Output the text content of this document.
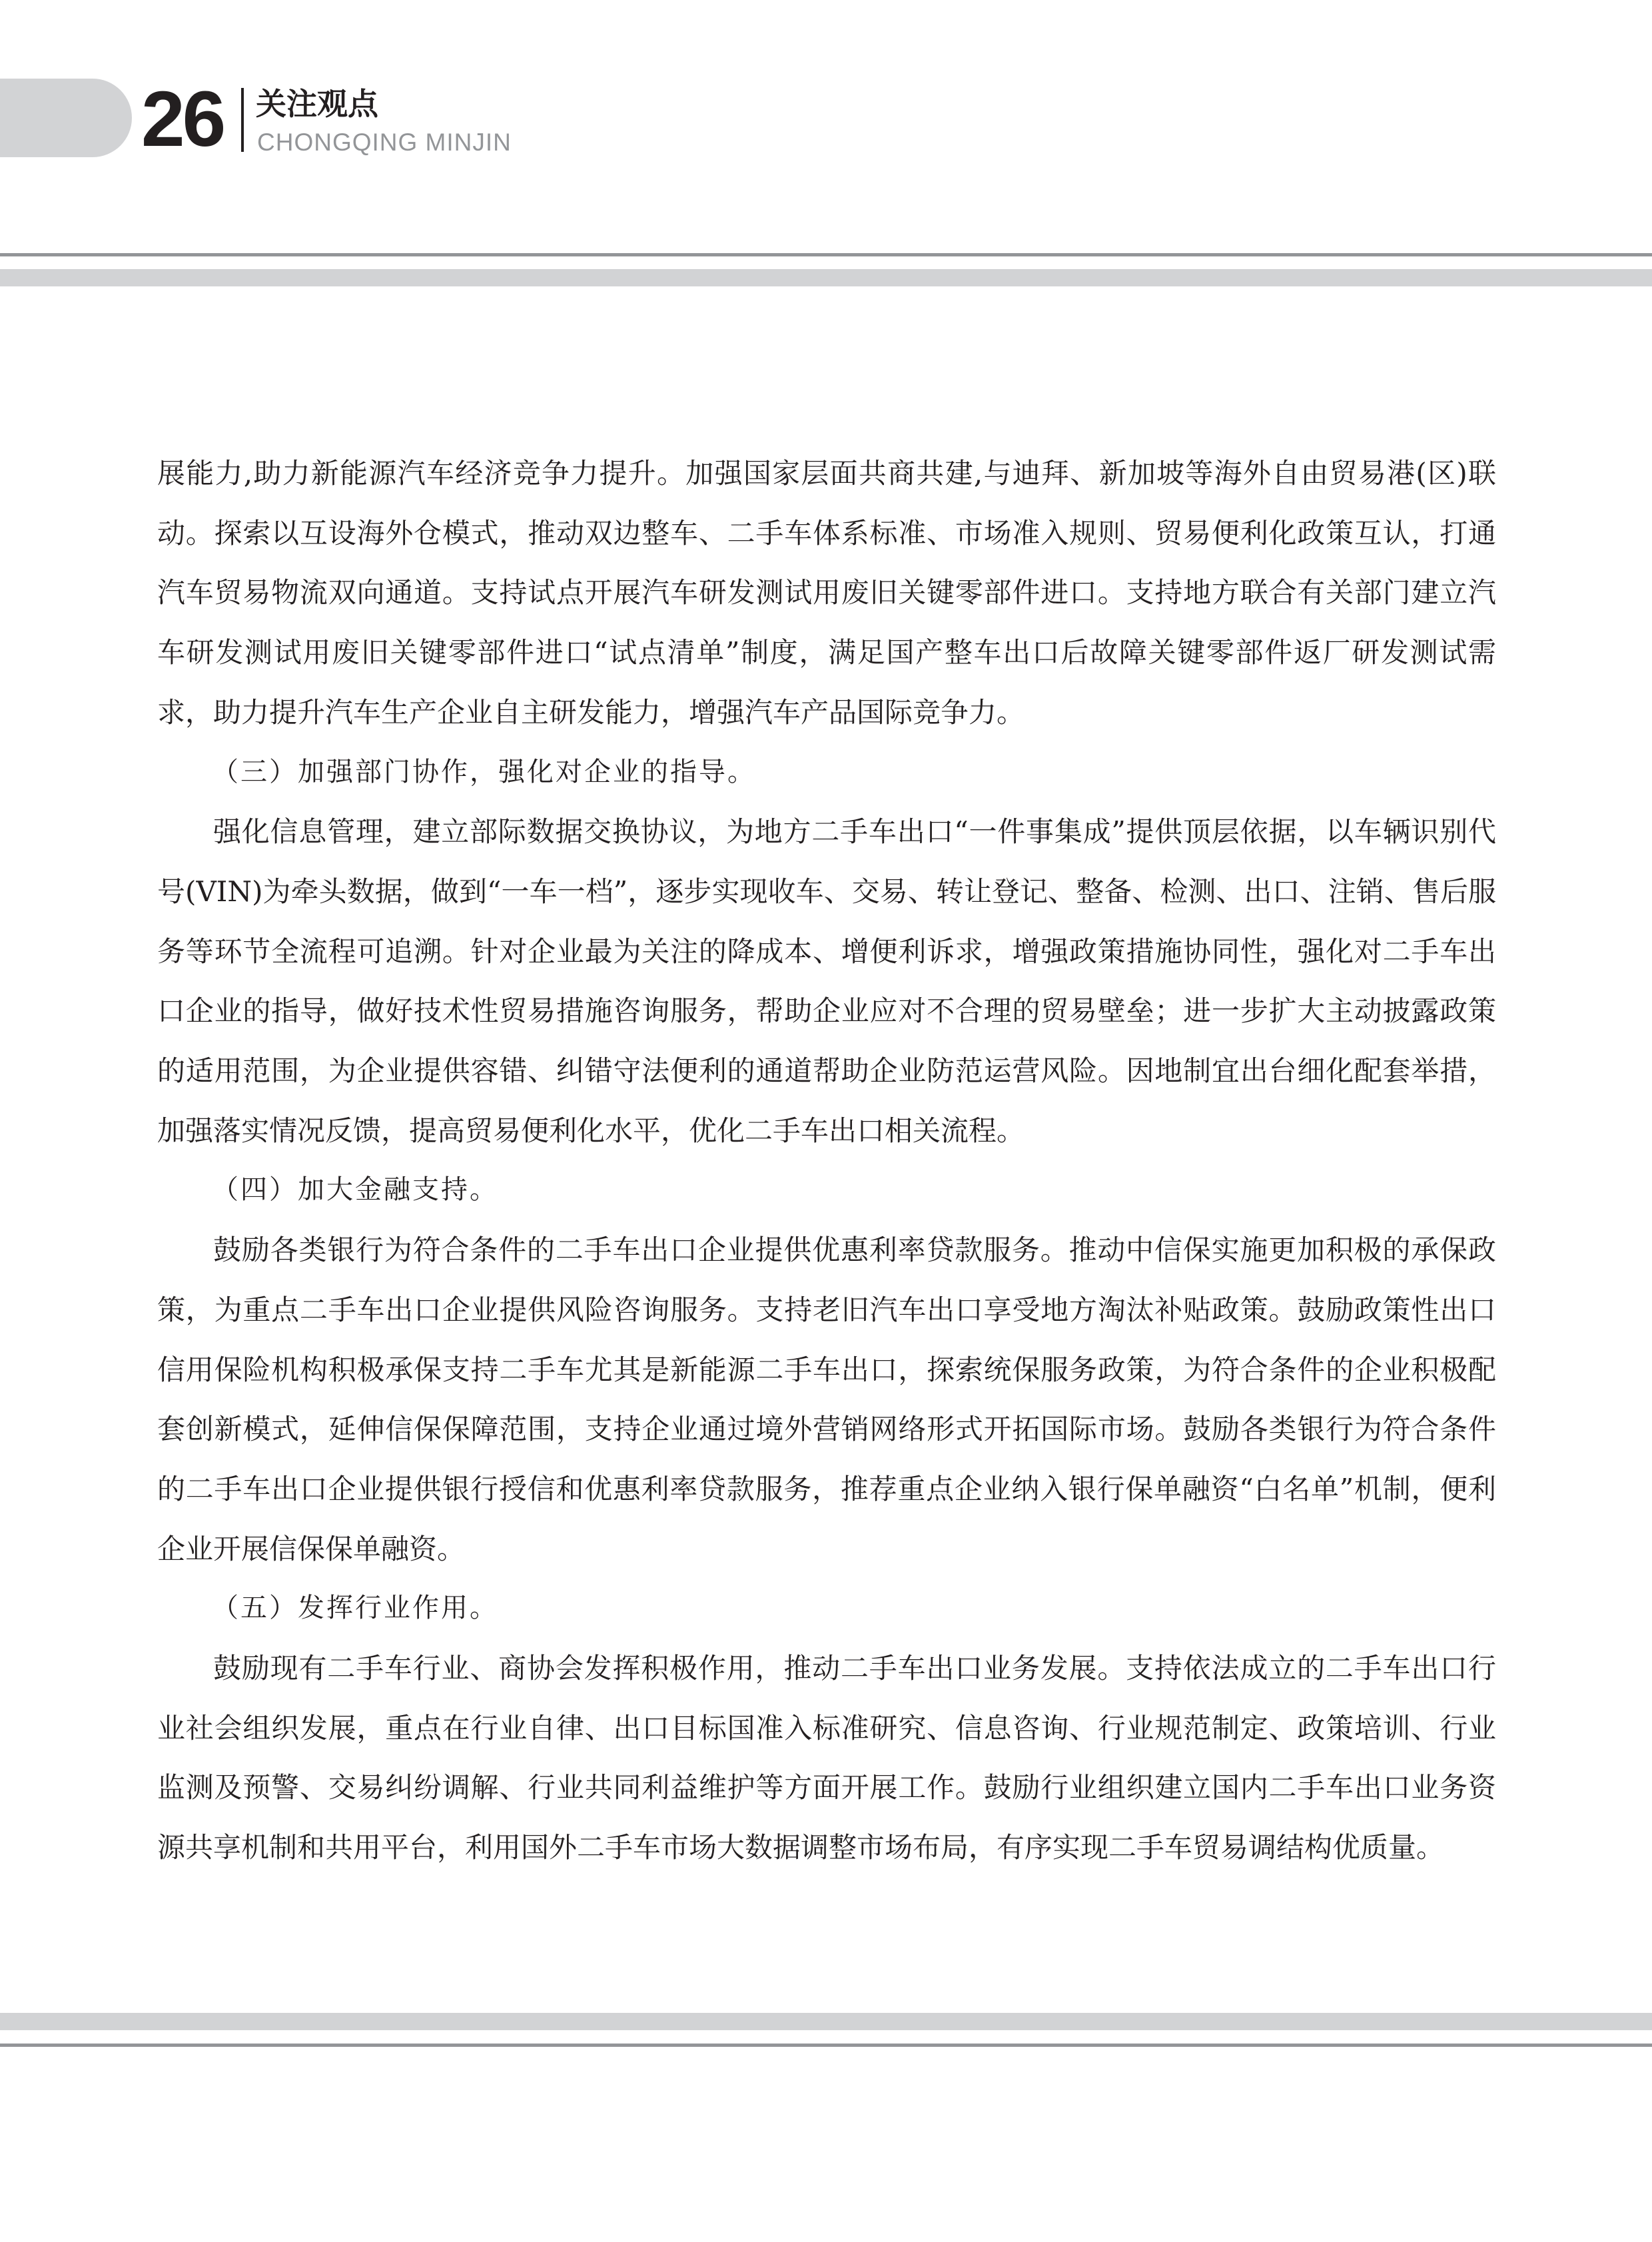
26 关注观点
CHONGQING MINJIN

展能力,助力新能源汽车经济竞争力提升。加强国家层面共商共建,与迪拜、新加坡等海外自由贸易港(区)联动。探索以互设海外仓模式，推动双边整车、二手车体系标准、市场准入规则、贸易便利化政策互认，打通汽车贸易物流双向通道。支持试点开展汽车研发测试用废旧关键零部件进口。支持地方联合有关部门建立汽车研发测试用废旧关键零部件进口“试点清单”制度，满足国产整车出口后故障关键零部件返厂研发测试需求，助力提升汽车生产企业自主研发能力，增强汽车产品国际竞争力。

（三）加强部门协作，强化对企业的指导。

强化信息管理，建立部际数据交换协议，为地方二手车出口“一件事集成”提供顶层依据，以车辆识别代号(VIN)为牵头数据，做到“一车一档”，逐步实现收车、交易、转让登记、整备、检测、出口、注销、售后服务等环节全流程可追溯。针对企业最为关注的降成本、增便利诉求，增强政策措施协同性，强化对二手车出口企业的指导，做好技术性贸易措施咨询服务，帮助企业应对不合理的贸易壁垒；进一步扩大主动披露政策的适用范围，为企业提供容错、纠错守法便利的通道帮助企业防范运营风险。因地制宜出台细化配套举措，加强落实情况反馈，提高贸易便利化水平，优化二手车出口相关流程。

（四）加大金融支持。

鼓励各类银行为符合条件的二手车出口企业提供优惠利率贷款服务。推动中信保实施更加积极的承保政策，为重点二手车出口企业提供风险咨询服务。支持老旧汽车出口享受地方淘汰补贴政策。鼓励政策性出口信用保险机构积极承保支持二手车尤其是新能源二手车出口，探索统保服务政策，为符合条件的企业积极配套创新模式，延伸信保保障范围，支持企业通过境外营销网络形式开拓国际市场。鼓励各类银行为符合条件的二手车出口企业提供银行授信和优惠利率贷款服务，推荐重点企业纳入银行保单融资“白名单”机制，便利企业开展信保保单融资。

（五）发挥行业作用。

鼓励现有二手车行业、商协会发挥积极作用，推动二手车出口业务发展。支持依法成立的二手车出口行业社会组织发展，重点在行业自律、出口目标国准入标准研究、信息咨询、行业规范制定、政策培训、行业监测及预警、交易纠纷调解、行业共同利益维护等方面开展工作。鼓励行业组织建立国内二手车出口业务资源共享机制和共用平台，利用国外二手车市场大数据调整市场布局，有序实现二手车贸易调结构优质量。
